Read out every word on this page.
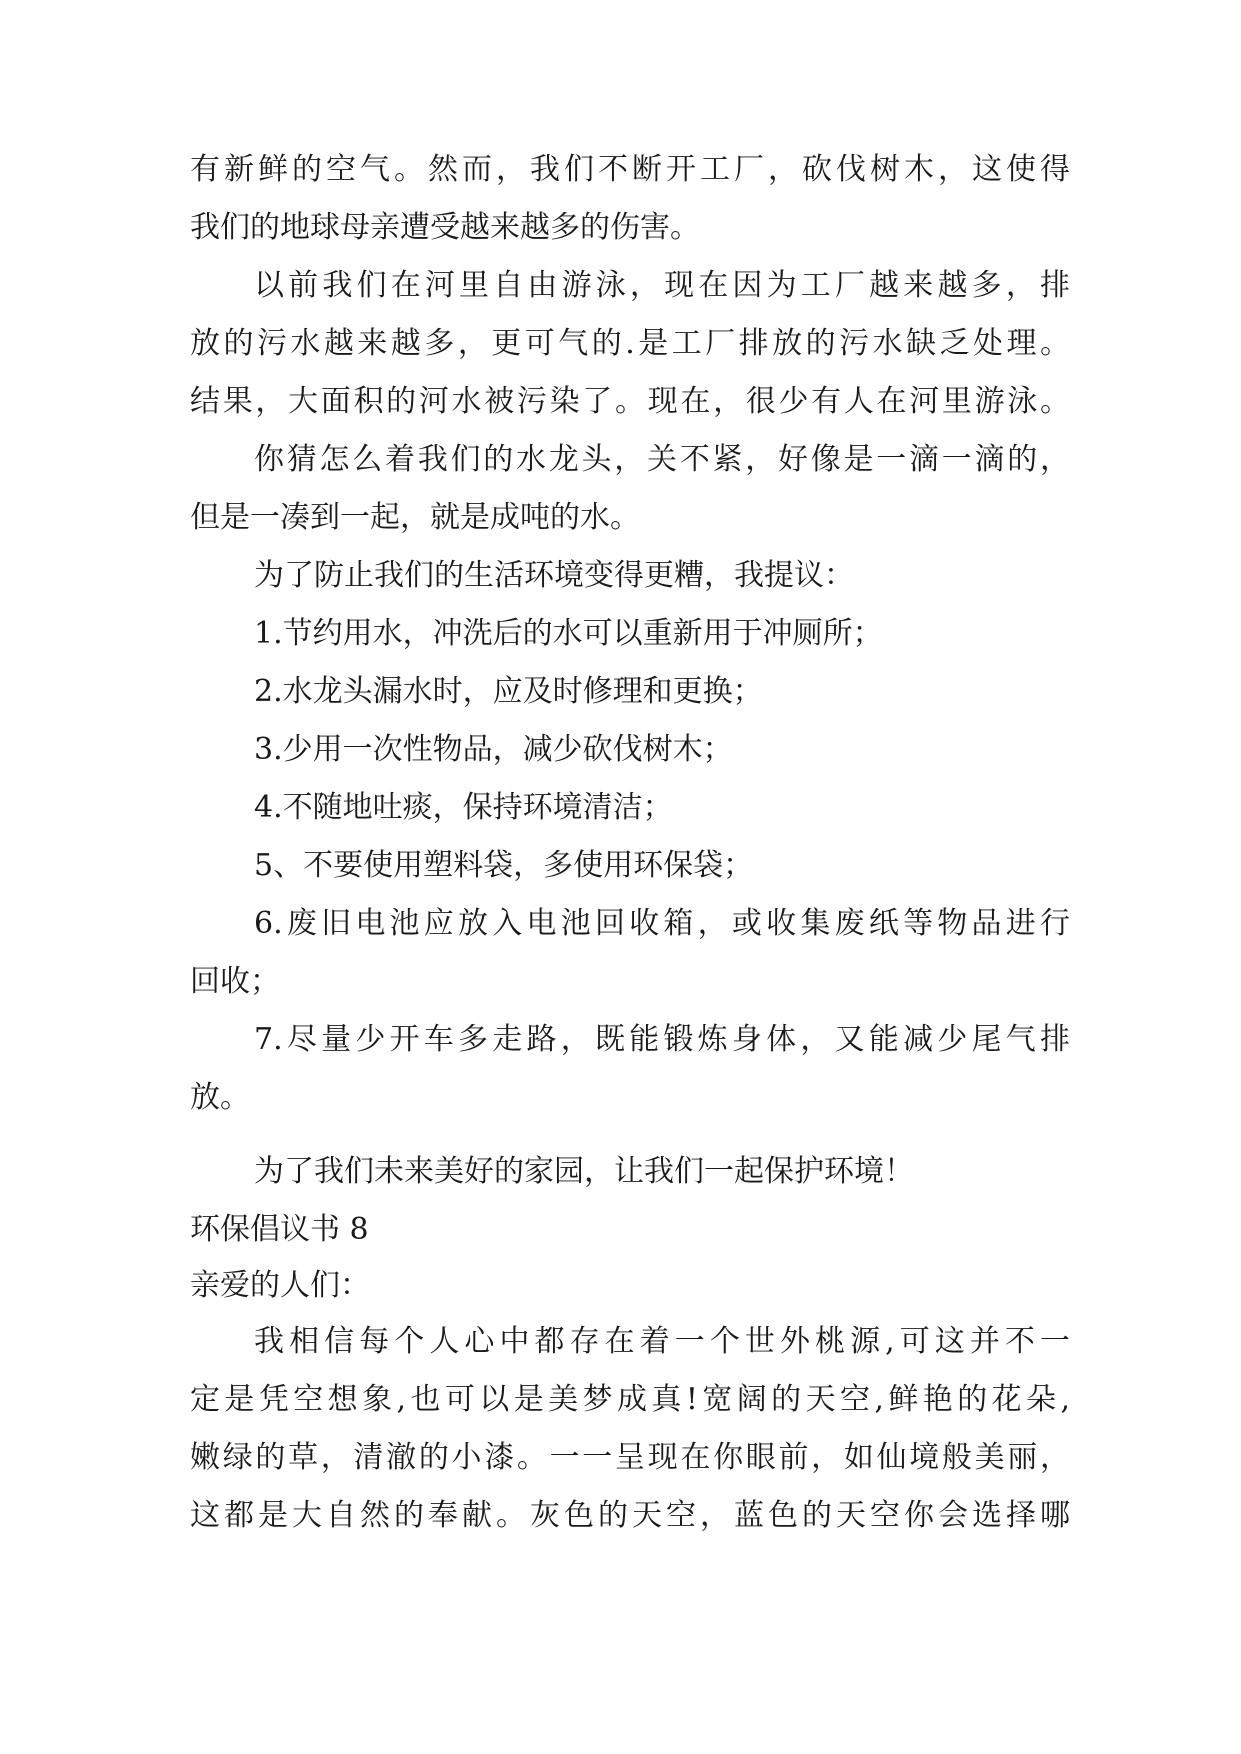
有新鲜的空气。然而，我们不断开工厂，砍伐树木，这使得
我们的地球母亲遭受越来越多的伤害。
以前我们在河里自由游泳，现在因为工厂越来越多，排
放的污水越来越多，更可气的.是工厂排放的污水缺乏处理。
结果，大面积的河水被污染了。现在，很少有人在河里游泳。
你猜怎么着我们的水龙头，关不紧，好像是一滴一滴的，
但是一凑到一起，就是成吨的水。
为了防止我们的生活环境变得更糟，我提议：
1.节约用水，冲洗后的水可以重新用于冲厕所；
2.水龙头漏水时，应及时修理和更换；
3.少用一次性物品，减少砍伐树木；
4.不随地吐痰，保持环境清洁；
5、不要使用塑料袋，多使用环保袋；
6.废旧电池应放入电池回收箱，或收集废纸等物品进行
回收；
7.尽量少开车多走路，既能锻炼身体，又能减少尾气排
放。
为了我们未来美好的家园，让我们一起保护环境！
环保倡议书 8
亲爱的人们：
我相信每个人心中都存在着一个世外桃源,可这并不一
定是凭空想象,也可以是美梦成真!宽阔的天空,鲜艳的花朵,
嫩绿的草，清澈的小漆。一一呈现在你眼前，如仙境般美丽，
这都是大自然的奉献。灰色的天空，蓝色的天空你会选择哪
